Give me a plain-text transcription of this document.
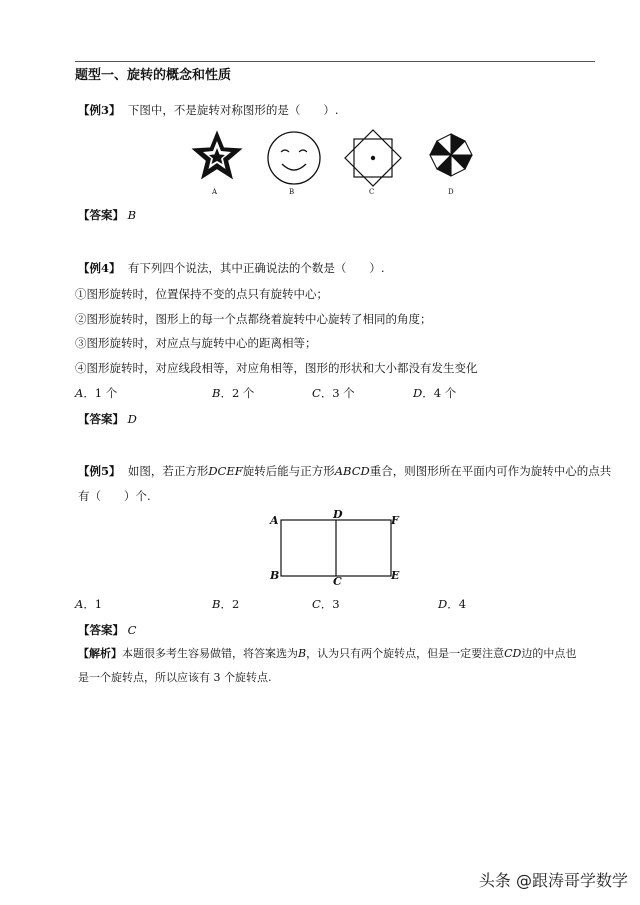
题型一、旋转的概念和性质
【例3】 下图中，不是旋转对称图形的是（　　）.
A	B	C	D
【答案】 B
【例4】 有下列四个说法，其中正确说法的个数是（　　）.
①图形旋转时，位置保持不变的点只有旋转中心；
②图形旋转时，图形上的每一个点都绕着旋转中心旋转了相同的角度；
③图形旋转时，对应点与旋转中心的距离相等；
④图形旋转时，对应线段相等，对应角相等，图形的形状和大小都没有发生变化
A．1 个	B．2 个	C．3 个	D．4 个
【答案】 D
【例5】 如图，若正方形DCEF旋转后能与正方形ABCD重合，则图形所在平面内可作为旋转中心的点共
有（　　）个.
A	D	F
B	C	E
A．1	B．2	C．3	D．4
【答案】 C
【解析】本题很多考生容易做错，将答案选为B，认为只有两个旋转点，但是一定要注意CD边的中点也
是一个旋转点，所以应该有 3 个旋转点.
头条 @跟涛哥学数学
